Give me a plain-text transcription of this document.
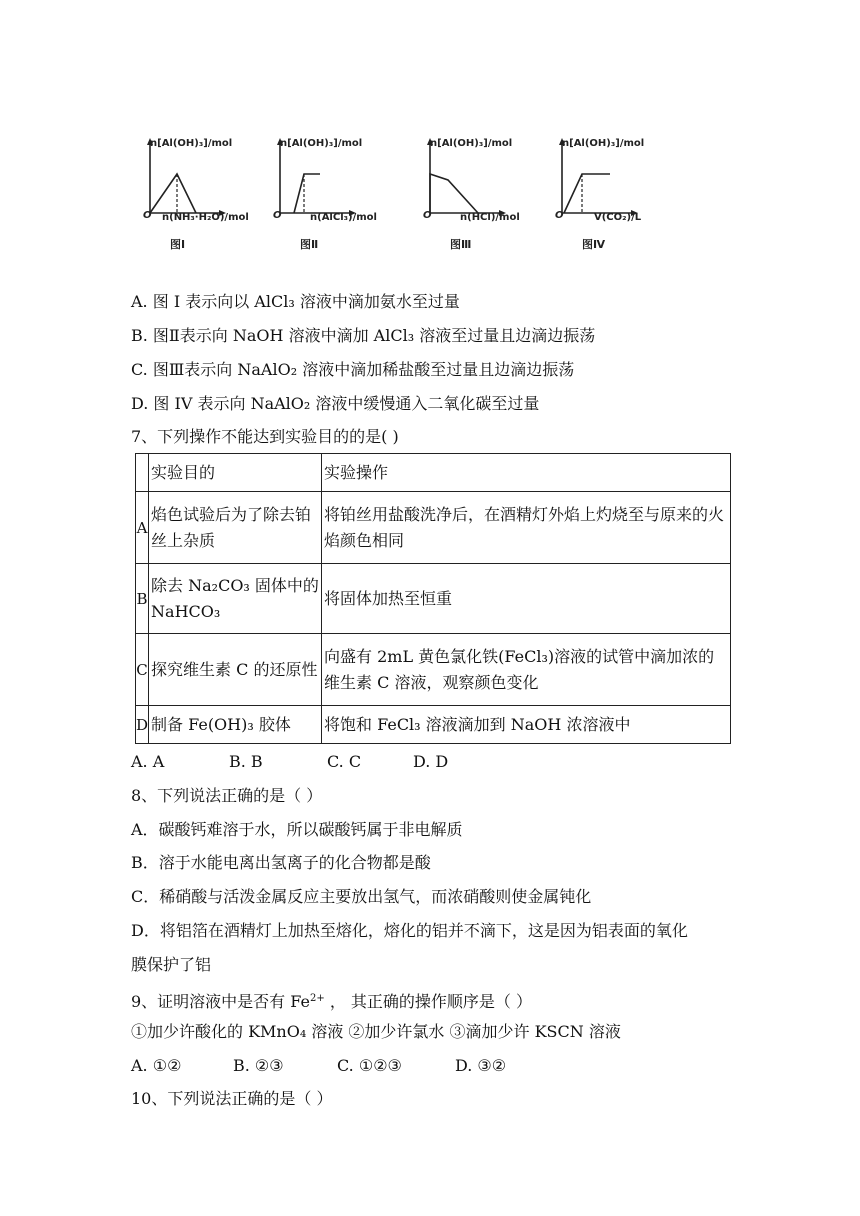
n[Al(OH)₃]/mol
O n(NH₃·H₂O)/mol
图Ⅰ
n[Al(OH)₃]/mol
O	n(AlCl₃)/mol
图Ⅱ
n[Al(OH)₃]/mol
O	n(HCl)/mol
图Ⅲ
n[Al(OH)₃]/mol
O	V(CO₂)/L
图Ⅳ
A. 图 I 表示向以 AlCl₃ 溶液中滴加氨水至过量
B. 图Ⅱ表示向 NaOH 溶液中滴加 AlCl₃ 溶液至过量且边滴边振荡
C. 图Ⅲ表示向 NaAlO₂ 溶液中滴加稀盐酸至过量且边滴边振荡
D. 图 IV 表示向 NaAlO₂ 溶液中缓慢通入二氧化碳至过量
7、下列操作不能达到实验目的的是( )
	实验目的	实验操作
A	焰色试验后为了除去铂丝上杂质	将铂丝用盐酸洗净后，在酒精灯外焰上灼烧至与原来的火焰颜色相同
B	除去 Na₂CO₃ 固体中的 NaHCO₃	将固体加热至恒重
C	探究维生素 C 的还原性	向盛有 2mL 黄色氯化铁(FeCl₃)溶液的试管中滴加浓的维生素 C 溶液，观察颜色变化
D	制备 Fe(OH)₃ 胶体	将饱和 FeCl₃ 溶液滴加到 NaOH 浓溶液中
A. A	B. B	C. C	D. D
8、下列说法正确的是（ ）
A．碳酸钙难溶于水，所以碳酸钙属于非电解质
B．溶于水能电离出氢离子的化合物都是酸
C．稀硝酸与活泼金属反应主要放出氢气，而浓硝酸则使金属钝化
D．将铝箔在酒精灯上加热至熔化，熔化的铝并不滴下，这是因为铝表面的氧化
膜保护了铝
9、证明溶液中是否有 $Fe^{2+}$ ， 其正确的操作顺序是（ ）
①加少许酸化的 KMnO₄ 溶液 ②加少许氯水 ③滴加少许 KSCN 溶液
A. ①②	B. ②③	C. ①②③	D. ③②
10、下列说法正确的是（ ）
